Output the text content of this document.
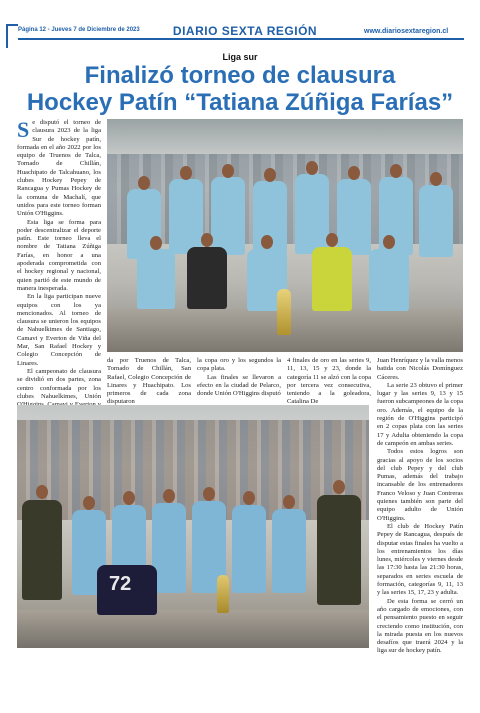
Página 12 - Jueves 7 de Diciembre de 2023	DIARIO SEXTA REGIÓN	www.diariosextaregion.cl
Liga sur
Finalizó torneo de clausura
Hockey Patín “Tatiana Zúñiga Farías”

Se disputó el torneo de clausura 2023 de la liga Sur de hockey patín, formada en el año 2022 por los equipo de Truenos de Talca, Tornado de Chillán, Huachipato de Talcahuano, los clubes Hockey Pepey de Rancagua y Pumas Hockey de la comuna de Machalí, que unidos para este torneo forman Unión O'Higgins.

Esta liga se forma para poder descentralizar el deporte patín. Este torneo lleva el nombre de Tatiana Zúñiga Farías, en honor a una apoderada comprometida con el hockey regional y nacional, quien partió de este mundo de manera inesperada.

En la liga participan nueve equipos con los ya mencionados. Al torneo de clausura se unieron los equipos de Nahuelkimes de Santiago, Camavi y Everton de Viña del Mar, San Rafael Hockey y Colegio Concepción de Linares.

El campeonato de clausura se dividió en dos partes, zona centro conformada por los clubes Nahuelkimes, Unión

da por Truenos de Talca, Tornado de Chillán, San Rafael, Colegio Concepción de Linares y Huachipato. Los primeros de cada zona disputaron

la copa oro y los segundos la copa plata.

Las finales se llevaron a efecto en la ciudad de Pelarco, donde Unión O'Higgins disputó

4 finales de oro en las series 9, 11, 13, 15 y 23, donde la categoría 11 se alzó con la copa por tercera vez consecutiva, teniendo a la goleadora, Catalina De

Juan Henríquez y la valla menos batida con Nicolás Domínguez Cáceres.

La serie 23 obtuvo el primer lugar y las series 9, 13 y 15 fueron subcampeones de la copa oro. Además, el equipo de la región de O'Higgins participó en 2 copas plata con las series 17 y Adulta obteniendo la copa de campeón en ambas series.

Todos estos logros son gracias al apoyo de los socios del club Pepey y del club Pumas, además del trabajo incansable de los entrenadores Franco Veloso y Juan Contreras quienes también son parte del equipo adulto de Unión O'Higgins.

El club de Hockey Patín Pepey de Rancagua, después de disputar estas finales ha vuelto a los entrenamientos los días lunes, miércoles y viernes desde las 17:30 hasta las 21:30 horas, separados en series escuela de formación, categorías 9, 11, 13 y las series 15, 17, 23 y adulta.

De esta forma se cerró un año cargado de emociones, con el pensamiento puesto en seguir creciendo como institución, con la mirada puesta en los nuevos desafíos que traerá 2024 y la liga sur de hockey patín.

72
